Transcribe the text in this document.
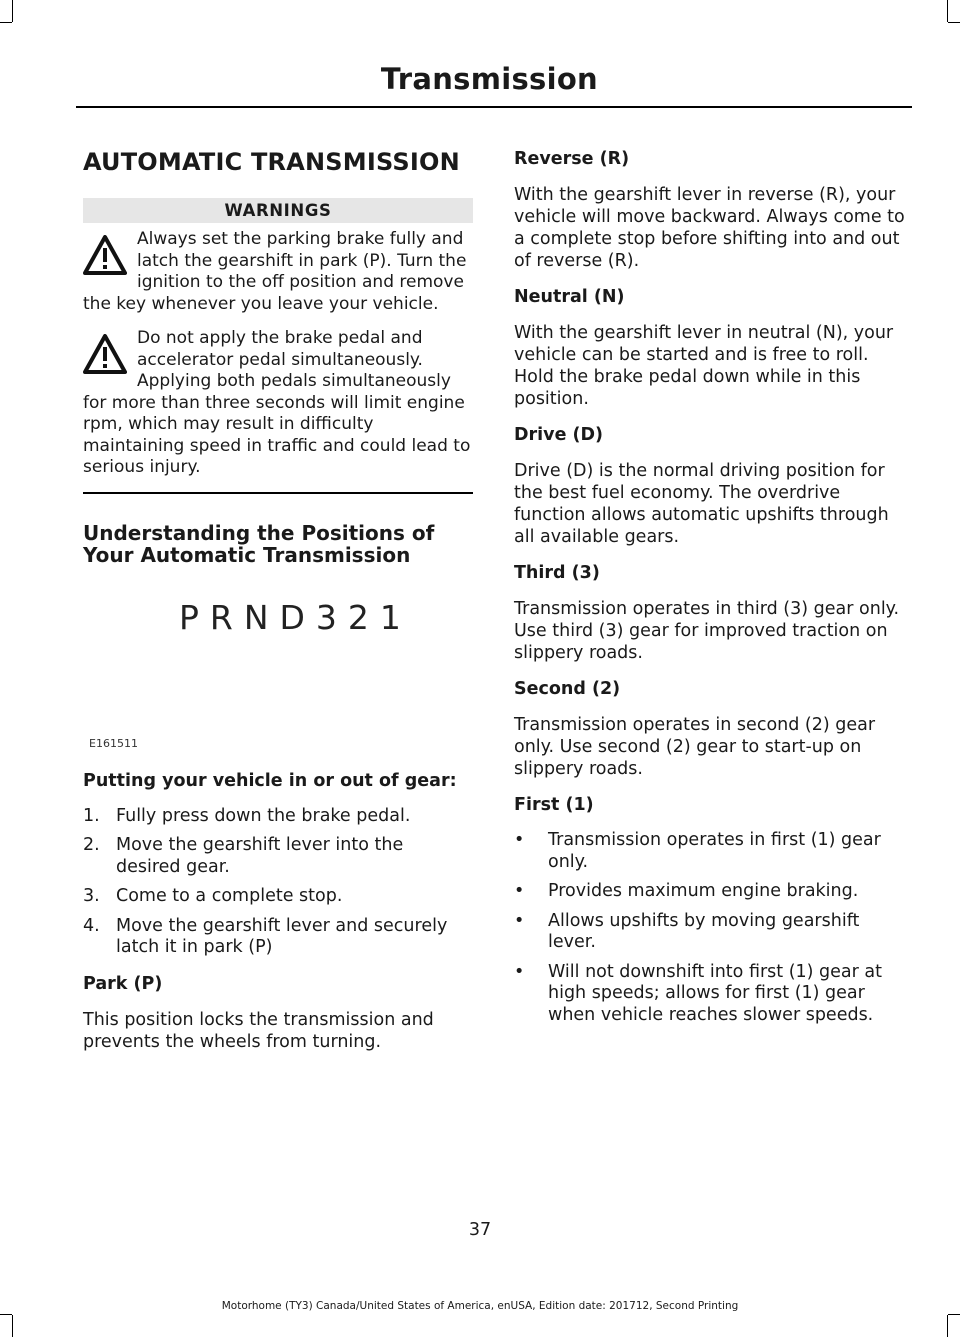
Transmission
AUTOMATIC TRANSMISSION
WARNINGS
Always set the parking brake fully and latch the gearshift in park (P). Turn the ignition to the off position and remove the key whenever you leave your vehicle.
Do not apply the brake pedal and accelerator pedal simultaneously. Applying both pedals simultaneously for more than three seconds will limit engine rpm, which may result in difficulty maintaining speed in traffic and could lead to serious injury.
Understanding the Positions of Your Automatic Transmission
PRND321
E161511
Putting your vehicle in or out of gear:
1. Fully press down the brake pedal.
2. Move the gearshift lever into the desired gear.
3. Come to a complete stop.
4. Move the gearshift lever and securely latch it in park (P)
Park (P)
This position locks the transmission and prevents the wheels from turning.
Reverse (R)
With the gearshift lever in reverse (R), your vehicle will move backward. Always come to a complete stop before shifting into and out of reverse (R).
Neutral (N)
With the gearshift lever in neutral (N), your vehicle can be started and is free to roll. Hold the brake pedal down while in this position.
Drive (D)
Drive (D) is the normal driving position for the best fuel economy. The overdrive function allows automatic upshifts through all available gears.
Third (3)
Transmission operates in third (3) gear only. Use third (3) gear for improved traction on slippery roads.
Second (2)
Transmission operates in second (2) gear only. Use second (2) gear to start-up on slippery roads.
First (1)
• Transmission operates in first (1) gear only.
• Provides maximum engine braking.
• Allows upshifts by moving gearshift lever.
• Will not downshift into first (1) gear at high speeds; allows for first (1) gear when vehicle reaches slower speeds.
37
Motorhome (TY3) Canada/United States of America, enUSA, Edition date: 201712, Second Printing
